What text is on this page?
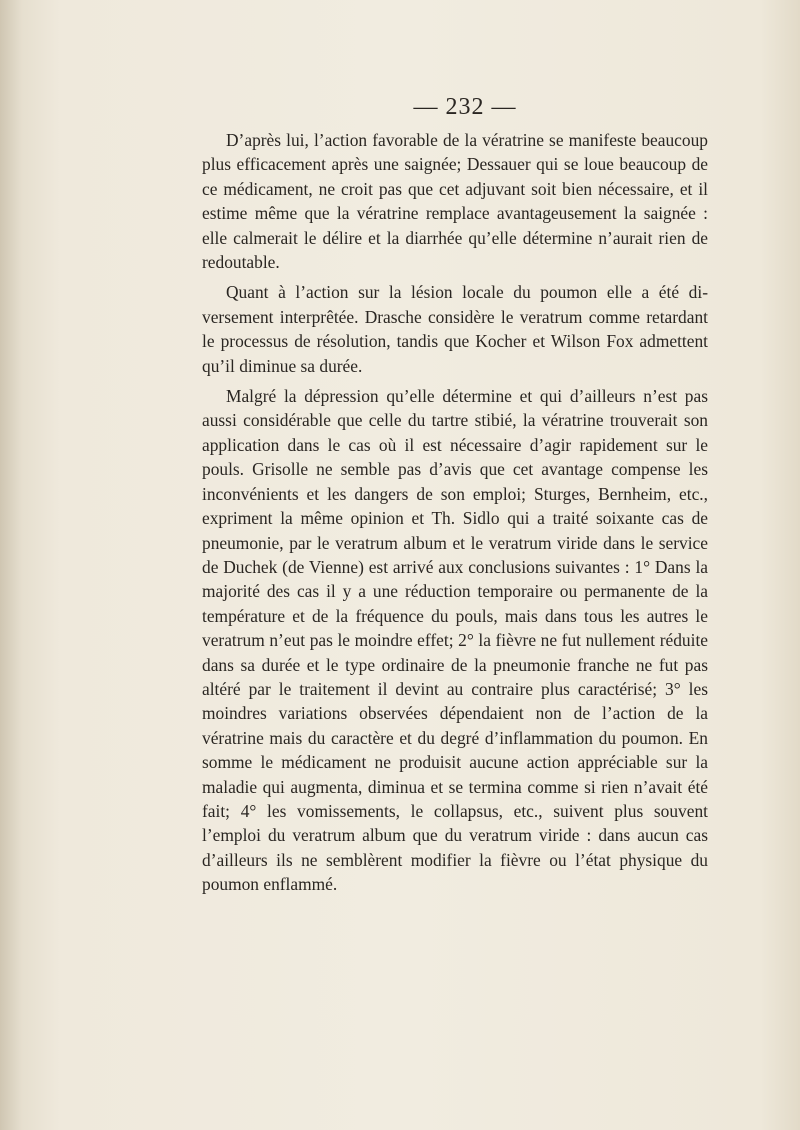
— 232 —

D’après lui, l’action favorable de la vératrine se manifeste beaucoup plus efficacement après une saignée; Dessauer qui se loue beaucoup de ce médicament, ne croit pas que cet adjuvant soit bien nécessaire, et il estime même que la vératrine remplace avantageusement la saignée : elle calmerait le délire et la diarrhée qu’elle détermine n’aurait rien de redoutable.

Quant à l’action sur la lésion locale du poumon elle a été diversement interprêtée. Drasche considère le veratrum comme retardant le processus de résolution, tandis que Kocher et Wilson Fox admettent qu’il diminue sa durée.

Malgré la dépression qu’elle détermine et qui d’ailleurs n’est pas aussi considérable que celle du tartre stibié, la vératrine trouverait son application dans le cas où il est nécessaire d’agir rapidement sur le pouls. Grisolle ne semble pas d’avis que cet avantage compense les inconvénients et les dangers de son emploi; Sturges, Bernheim, etc., expriment la même opinion et Th. Sidlo qui a traité soixante cas de pneumonie, par le veratrum album et le veratrum viride dans le service de Duchek (de Vienne) est arrivé aux conclusions suivantes : 1° Dans la majorité des cas il y a une réduction temporaire ou permanente de la température et de la fréquence du pouls, mais dans tous les autres le veratrum n’eut pas le moindre effet; 2° la fièvre ne fut nullement réduite dans sa durée et le type ordinaire de la pneumonie franche ne fut pas altéré par le traitement il devint au contraire plus caractérisé; 3° les moindres variations observées dépendaient non de l’action de la vératrine mais du caractère et du degré d’inflammation du poumon. En somme le médicament ne produisit aucune action appréciable sur la maladie qui augmenta, diminua et se termina comme si rien n’avait été fait; 4° les vomissements, le collapsus, etc., suivent plus souvent l’emploi du veratrum album que du veratrum viride : dans aucun cas d’ailleurs ils ne semblèrent modifier la fièvre ou l’état physique du poumon enflammé.
